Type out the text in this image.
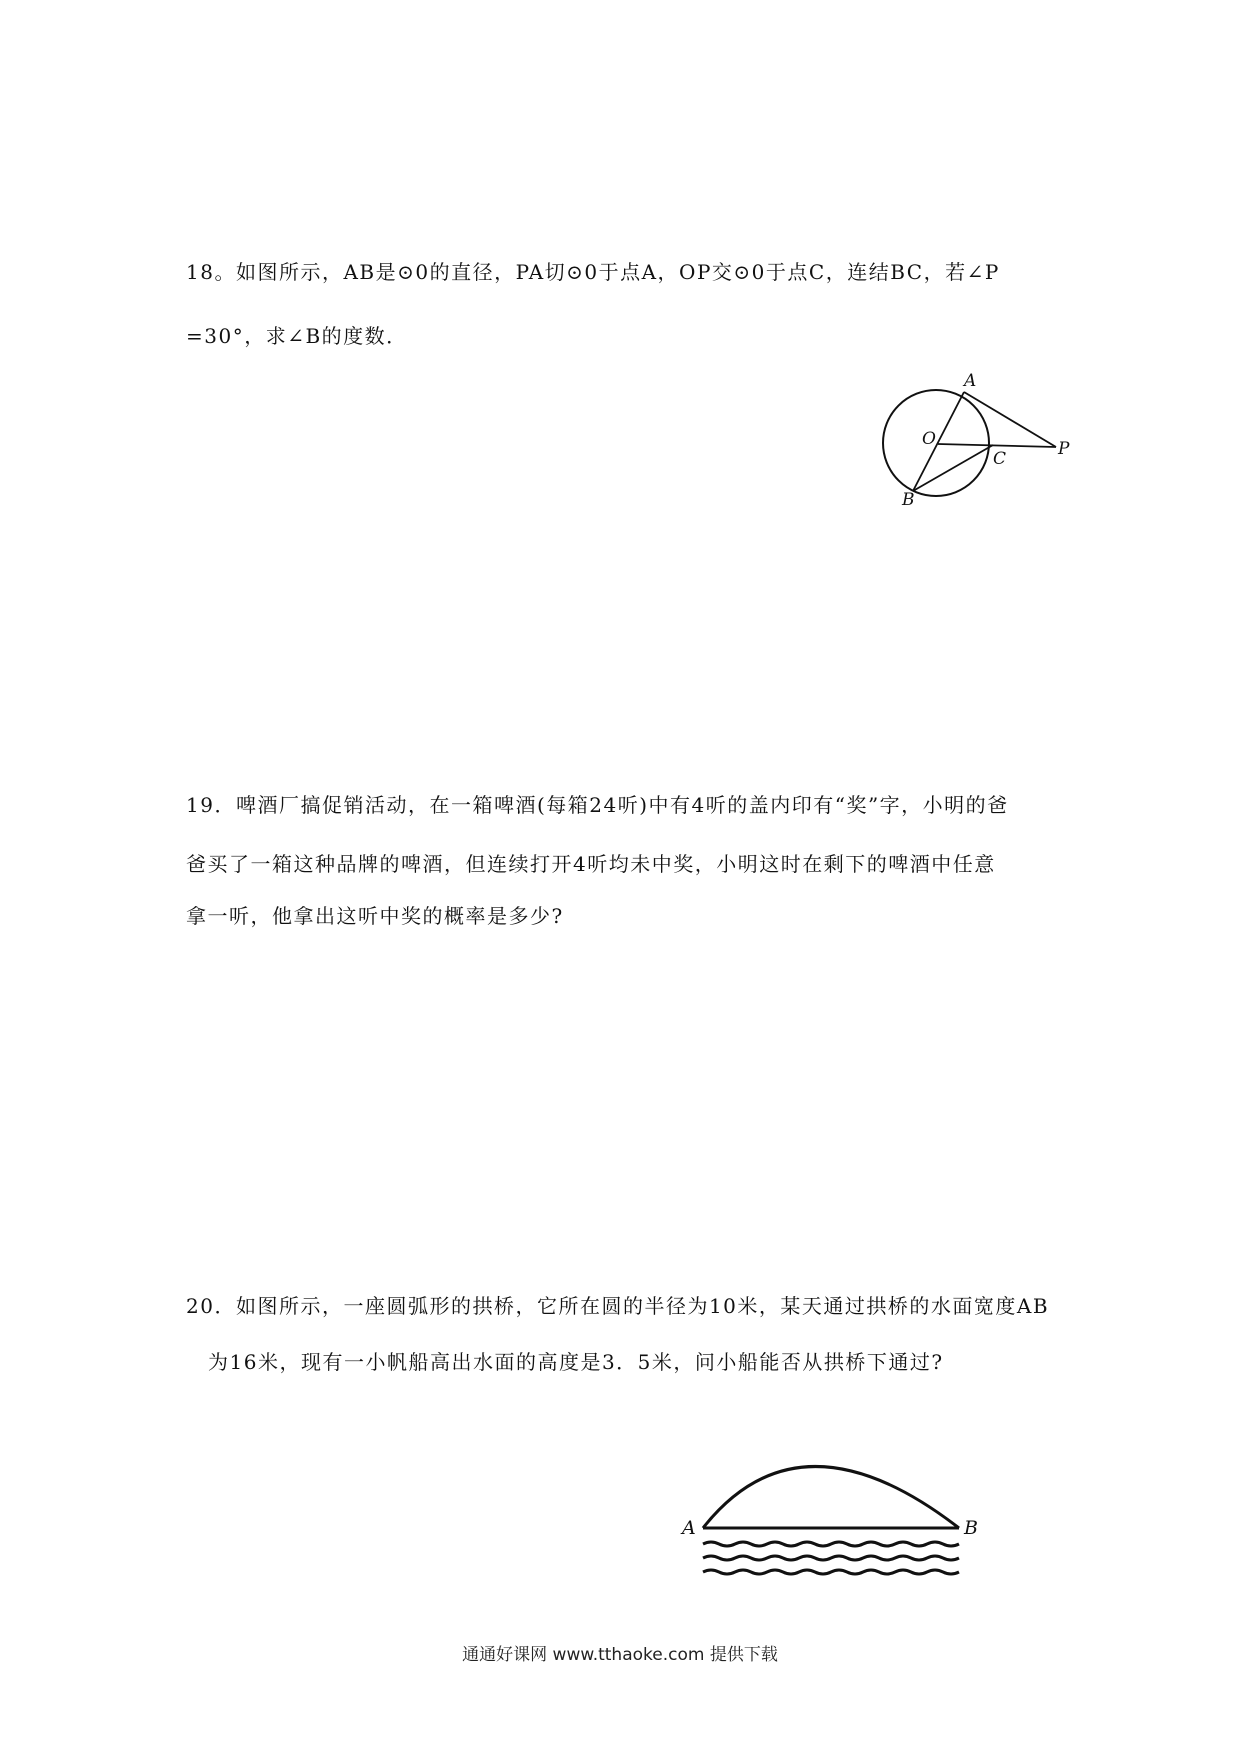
18。如图所示，AB是⊙0的直径，PA切⊙0于点A，OP交⊙0于点C，连结BC，若∠P
=30°，求∠B的度数．
A
O
C	P
B
19．啤酒厂搞促销活动，在一箱啤酒(每箱24听)中有4听的盖内印有“奖”字，小明的爸
爸买了一箱这种品牌的啤酒，但连续打开4听均未中奖，小明这时在剩下的啤酒中任意
拿一听，他拿出这听中奖的概率是多少?
20．如图所示，一座圆弧形的拱桥，它所在圆的半径为10米，某天通过拱桥的水面宽度AB
为16米，现有一小帆船高出水面的高度是3．5米，问小船能否从拱桥下通过?
A	B
通通好课网 www.tthaoke.com 提供下载
